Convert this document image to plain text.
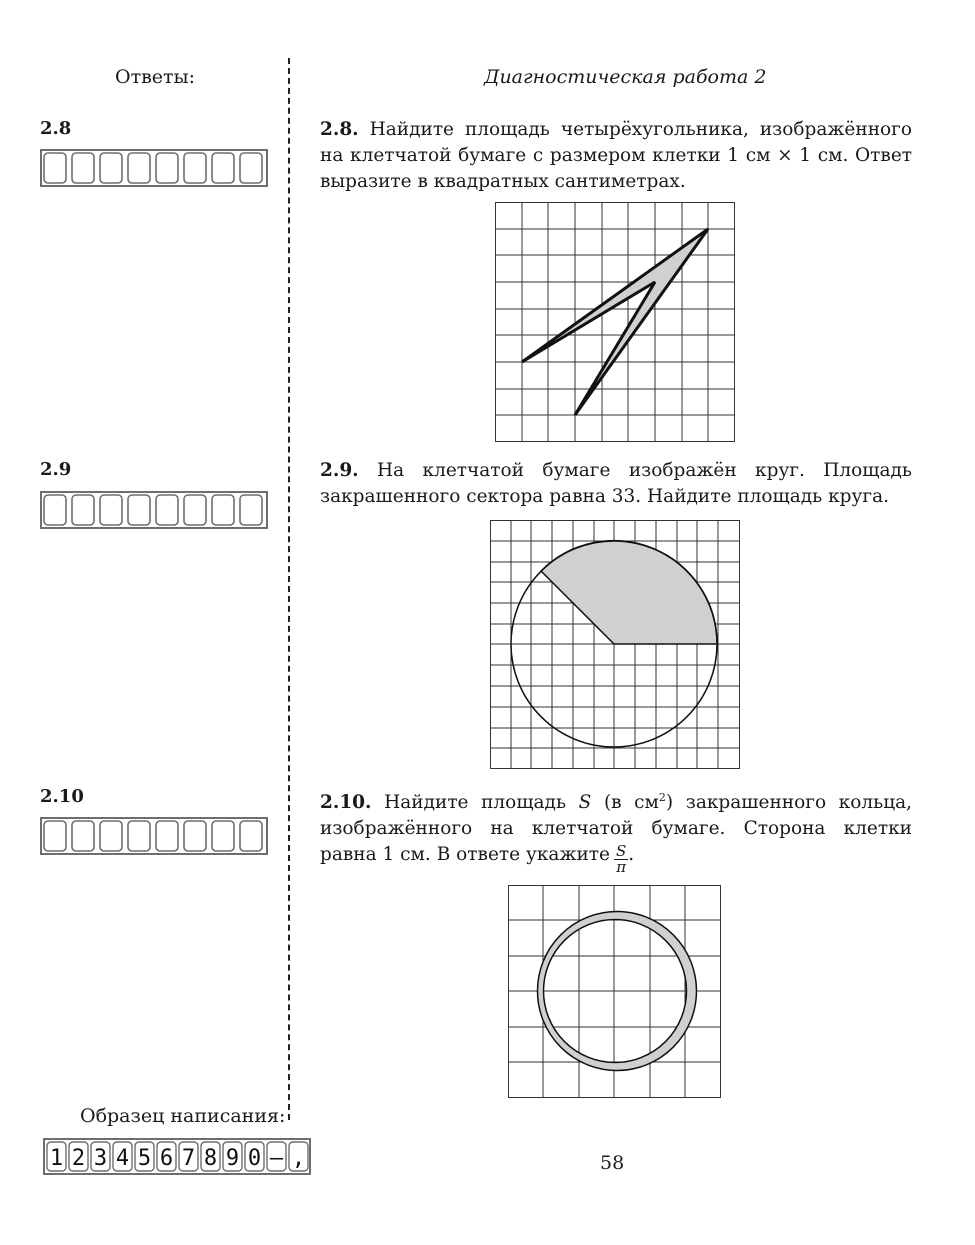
Ответы:	Диагностическая работа 2
2.8	2.8. Найдите площадь четырёхугольника, изображённого на клетчатой бумаге с размером клетки 1 см × 1 см. Ответ выразите в квадратных сантиметрах.
2.9	2.9. На клетчатой бумаге изображён круг. Площадь закрашенного сектора равна 33. Найдите площадь круга.
2.10	2.10. Найдите площадь S (в $см^2$) закрашенного кольца, изображённого на клетчатой бумаге. Сторона клетки равна 1 см. В ответе укажите $\frac{S}{\pi}$ .
Образец написания:
1 2 3 4 5 6 7 8 9 0 — ,	58
